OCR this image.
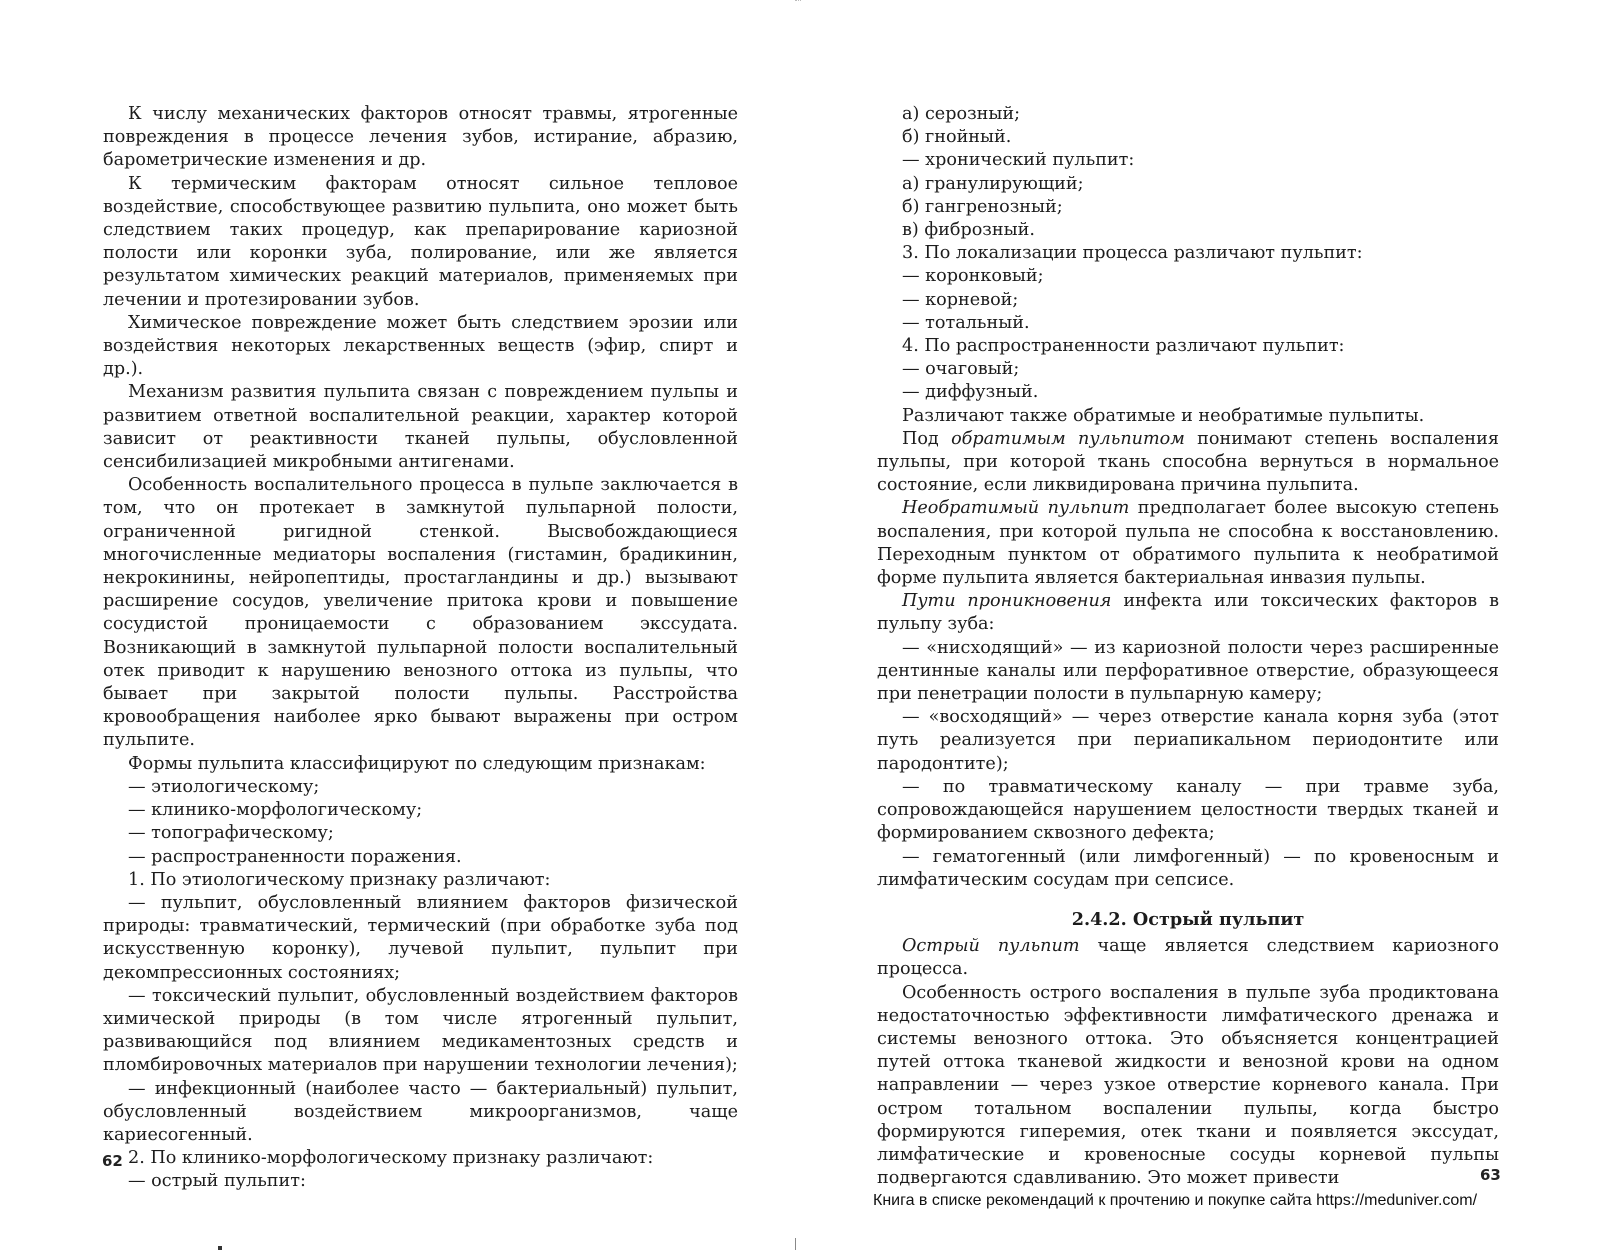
К числу механических факторов относят травмы, ятрогенные повреждения в процессе лечения зубов, истирание, абразию, барометрические изменения и др.

К термическим факторам относят сильное тепловое воздействие, способствующее развитию пульпита, оно может быть следствием таких процедур, как препарирование кариозной полости или коронки зуба, полирование, или же является результатом химических реакций материалов, применяемых при лечении и протезировании зубов.

Химическое повреждение может быть следствием эрозии или воздействия некоторых лекарственных веществ (эфир, спирт и др.).

Механизм развития пульпита связан с повреждением пульпы и развитием ответной воспалительной реакции, характер которой зависит от реактивности тканей пульпы, обусловленной сенсибилизацией микробными антигенами.

Особенность воспалительного процесса в пульпе заключается в том, что он протекает в замкнутой пульпарной полости, ограниченной ригидной стенкой. Высвобождающиеся многочисленные медиаторы воспаления (гистамин, брадикинин, некрокинины, нейропептиды, простагландины и др.) вызывают расширение сосудов, увеличение притока крови и повышение сосудистой проницаемости с образованием экссудата. Возникающий в замкнутой пульпарной полости воспалительный отек приводит к нарушению венозного оттока из пульпы, что бывает при закрытой полости пульпы. Расстройства кровообращения наиболее ярко бывают выражены при остром пульпите.

Формы пульпита классифицируют по следующим признакам:

— этиологическому;

— клинико-морфологическому;

— топографическому;

— распространенности поражения.

1. По этиологическому признаку различают:

— пульпит, обусловленный влиянием факторов физической природы: травматический, термический (при обработке зуба под искусственную коронку), лучевой пульпит, пульпит при декомпрессионных состояниях;

— токсический пульпит, обусловленный воздействием факторов химической природы (в том числе ятрогенный пульпит, развивающийся под влиянием медикаментозных средств и пломбировочных материалов при нарушении технологии лечения);

— инфекционный (наиболее часто — бактериальный) пульпит, обусловленный воздействием микроорганизмов, чаще кариесогенный.

2. По клинико-морфологическому признаку различают:

— острый пульпит:

62

а) серозный;

б) гнойный.

— хронический пульпит:

а) гранулирующий;

б) гангренозный;

в) фиброзный.

3. По локализации процесса различают пульпит:

— коронковый;

— корневой;

— тотальный.

4. По распространенности различают пульпит:

— очаговый;

— диффузный.

Различают также обратимые и необратимые пульпиты.

Под обратимым пульпитом понимают степень воспаления пульпы, при которой ткань способна вернуться в нормальное состояние, если ликвидирована причина пульпита.

Необратимый пульпит предполагает более высокую степень воспаления, при которой пульпа не способна к восстановлению. Переходным пунктом от обратимого пульпита к необратимой форме пульпита является бактериальная инвазия пульпы.

Пути проникновения инфекта или токсических факторов в пульпу зуба:

— «нисходящий» — из кариозной полости через расширенные дентинные каналы или перфоративное отверстие, образующееся при пенетрации полости в пульпарную камеру;

— «восходящий» — через отверстие канала корня зуба (этот путь реализуется при периапикальном периодонтите или пародонтите);

— по травматическому каналу — при травме зуба, сопровождающейся нарушением целостности твердых тканей и формированием сквозного дефекта;

— гематогенный (или лимфогенный) — по кровеносным и лимфатическим сосудам при сепсисе.

2.4.2. Острый пульпит

Острый пульпит чаще является следствием кариозного процесса.

Особенность острого воспаления в пульпе зуба продиктована недостаточностью эффективности лимфатического дренажа и системы венозного оттока. Это объясняется концентрацией путей оттока тканевой жидкости и венозной крови на одном направлении — через узкое отверстие корневого канала. При остром тотальном воспалении пульпы, когда быстро формируются гиперемия, отек ткани и появляется экссудат, лимфатические и кровеносные сосуды корневой пульпы подвергаются сдавливанию. Это может привести	63
Книга в списке рекомендаций к прочтению и покупке сайта https://meduniver.com/
